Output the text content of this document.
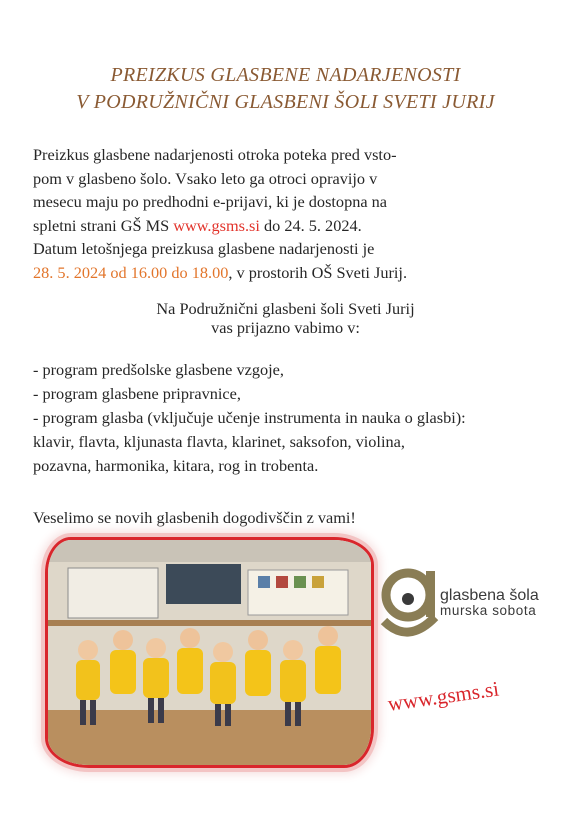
PREIZKUS GLASBENE NADARJENOSTI
V PODRUŽNIČNI GLASBENI ŠOLI SVETI JURIJ

Preizkus glasbene nadarjenosti otroka poteka pred vsto-
pom v glasbeno šolo. Vsako leto ga otroci opravijo v
mesecu maju po predhodni e-prijavi, ki je dostopna na
spletni strani GŠ MS www.gsms.si do 24. 5. 2024.
Datum letošnjega preizkusa glasbene nadarjenosti je
28. 5. 2024 od 16.00 do 18.00, v prostorih OŠ Sveti Jurij.

Na Podružnični glasbeni šoli Sveti Jurij
vas prijazno vabimo v:

- program predšolske glasbene vzgoje,
- program glasbene pripravnice,
- program glasba (vključuje učenje instrumenta in nauka o glasbi):
klavir, flavta, kljunasta flavta, klarinet, saksofon, violina,
pozavna, harmonika, kitara, rog in trobenta.

Veselimo se novih glasbenih dogodivščin z vami!
glasbena šola
murska sobota
www.gsms.si
